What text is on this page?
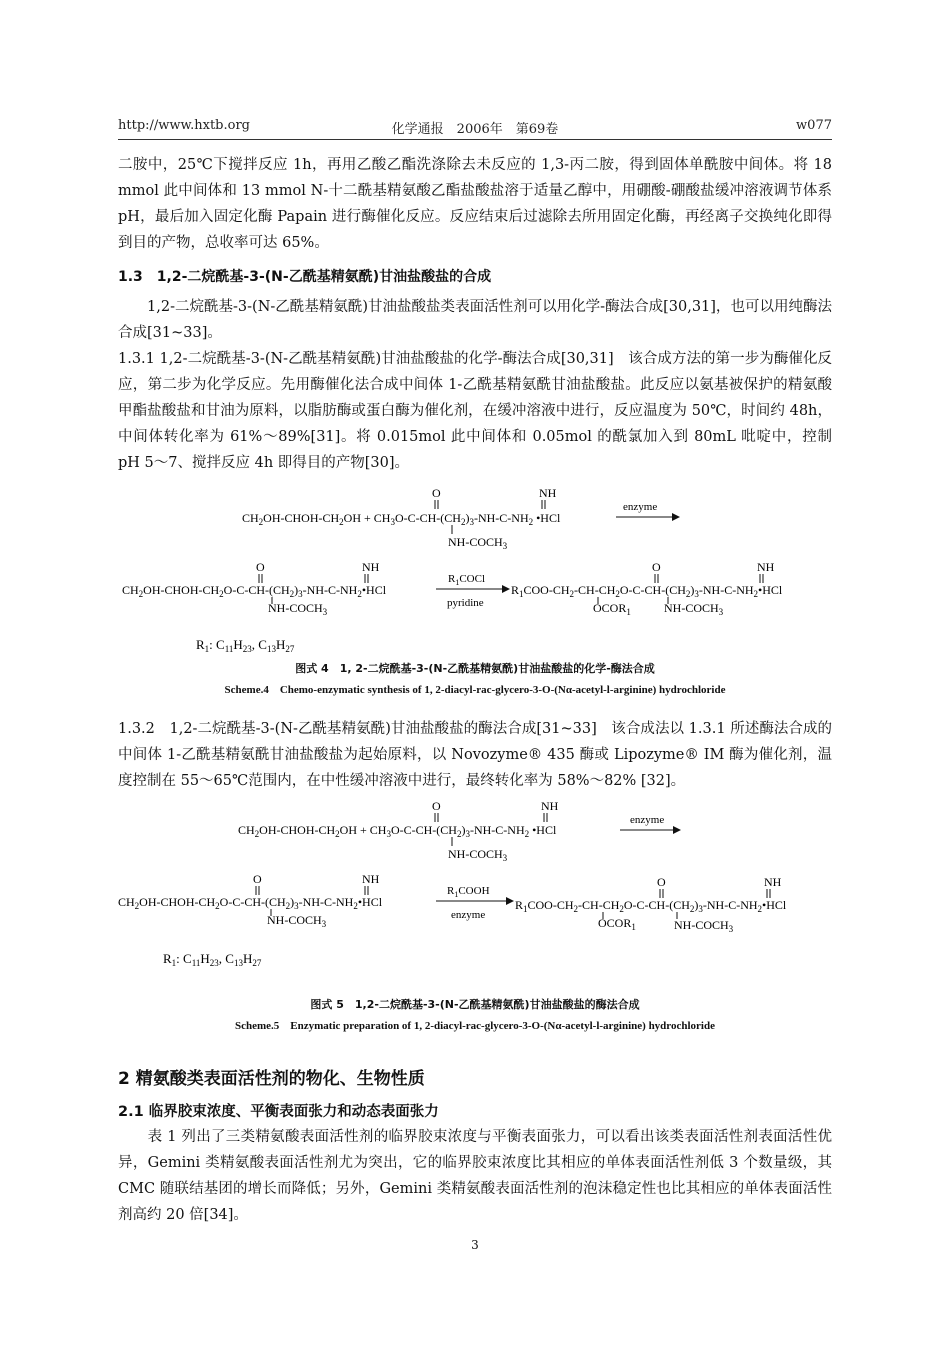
http://www.hxtb.org	化学通报　2006年　第69卷	w077
二胺中，25℃下搅拌反应 1h，再用乙酸乙酯洗涤除去未反应的 1,3-丙二胺，得到固体单酰胺中间体。将 18 mmol 此中间体和 13 mmol N-十二酰基精氨酸乙酯盐酸盐溶于适量乙醇中，用硼酸-硼酸盐缓冲溶液调节体系 pH，最后加入固定化酶 Papain 进行酶催化反应。反应结束后过滤除去所用固定化酶，再经离子交换纯化即得到目的产物，总收率可达 65%。
1.3　1,2-二烷酰基-3-(N-乙酰基精氨酰)甘油盐酸盐的合成
　　1,2-二烷酰基-3-(N-乙酰基精氨酰)甘油盐酸盐类表面活性剂可以用化学-酶法合成[30,31]，也可以用纯酶法合成[31~33]。
1.3.1 1,2-二烷酰基-3-(N-乙酰基精氨酰)甘油盐酸盐的化学-酶法合成[30,31]　该合成方法的第一步为酶催化反应，第二步为化学反应。先用酶催化法合成中间体 1-乙酰基精氨酰甘油盐酸盐。此反应以氨基被保护的精氨酸甲酯盐酸盐和甘油为原料，以脂肪酶或蛋白酶为催化剂，在缓冲溶液中进行，反应温度为 50℃，时间约 48h，中间体转化率为 61%～89%[31]。将 0.015mol 此中间体和 0.05mol 的酰氯加入到 80mL 吡啶中，控制 pH 5～7、搅拌反应 4h 即得目的产物[30]。
O	NH
$CH_2OH-CHOH-CH_2OH + CH_3O-C-CH-(CH_2)_3-NH-C-NH_2$ •HCl
$NH-COCH_3$
enzyme
O	NH	O	NH
$CH_2OH-CHOH-CH_2O-C-CH-(CH_2)_3-NH-C-NH_2•HCl$
$NH-COCH_3$
$R_1COCl$
pyridine
$R_1COO-CH_2-CH-CH_2O-C-CH-(CH_2)_3-NH-C-NH_2•HCl$
$OCOR_1$	$NH-COCH_3$
$R_1$: $C_{11}H_{23}$, $C_{13}H_{27}$
图式 4　1, 2-二烷酰基-3-(N-乙酰基精氨酰)甘油盐酸盐的化学-酶法合成
Scheme.4　Chemo-enzymatic synthesis of 1, 2-diacyl-rac-glycero-3-O-(Nα-acetyl-l-arginine) hydrochloride
1.3.2　1,2-二烷酰基-3-(N-乙酰基精氨酰)甘油盐酸盐的酶法合成[31~33]　该合成法以 1.3.1 所述酶法合成的中间体 1-乙酰基精氨酰甘油盐酸盐为起始原料，以 Novozyme® 435 酶或 Lipozyme® IM 酶为催化剂，温度控制在 55～65℃范围内，在中性缓冲溶液中进行，最终转化率为 58%～82% [32]。
O	NH
$CH_2OH-CHOH-CH_2OH + CH_3O-C-CH-(CH_2)_3-NH-C-NH_2$ •HCl
$NH-COCH_3$
enzyme
O	NH	O	NH
$CH_2OH-CHOH-CH_2O-C-CH-(CH_2)_3-NH-C-NH_2•HCl$
$NH-COCH_3$
$R_1COOH$
enzyme
$R_1COO-CH_2-CH-CH_2O-C-CH-(CH_2)_3-NH-C-NH_2•HCl$
$OCOR_1$	$NH-COCH_3$
$R_1$: $C_{11}H_{23}$, $C_{13}H_{27}$
图式 5　1,2-二烷酰基-3-(N-乙酰基精氨酰)甘油盐酸盐的酶法合成
Scheme.5　Enzymatic preparation of 1, 2-diacyl-rac-glycero-3-O-(Nα-acetyl-l-arginine) hydrochloride
2 精氨酸类表面活性剂的物化、生物性质
2.1 临界胶束浓度、平衡表面张力和动态表面张力
　　表 1 列出了三类精氨酸表面活性剂的临界胶束浓度与平衡表面张力，可以看出该类表面活性剂表面活性优异，Gemini 类精氨酸表面活性剂尤为突出，它的临界胶束浓度比其相应的单体表面活性剂低 3 个数量级，其 CMC 随联结基团的增长而降低；另外，Gemini 类精氨酸表面活性剂的泡沫稳定性也比其相应的单体表面活性剂高约 20 倍[34]。
3
